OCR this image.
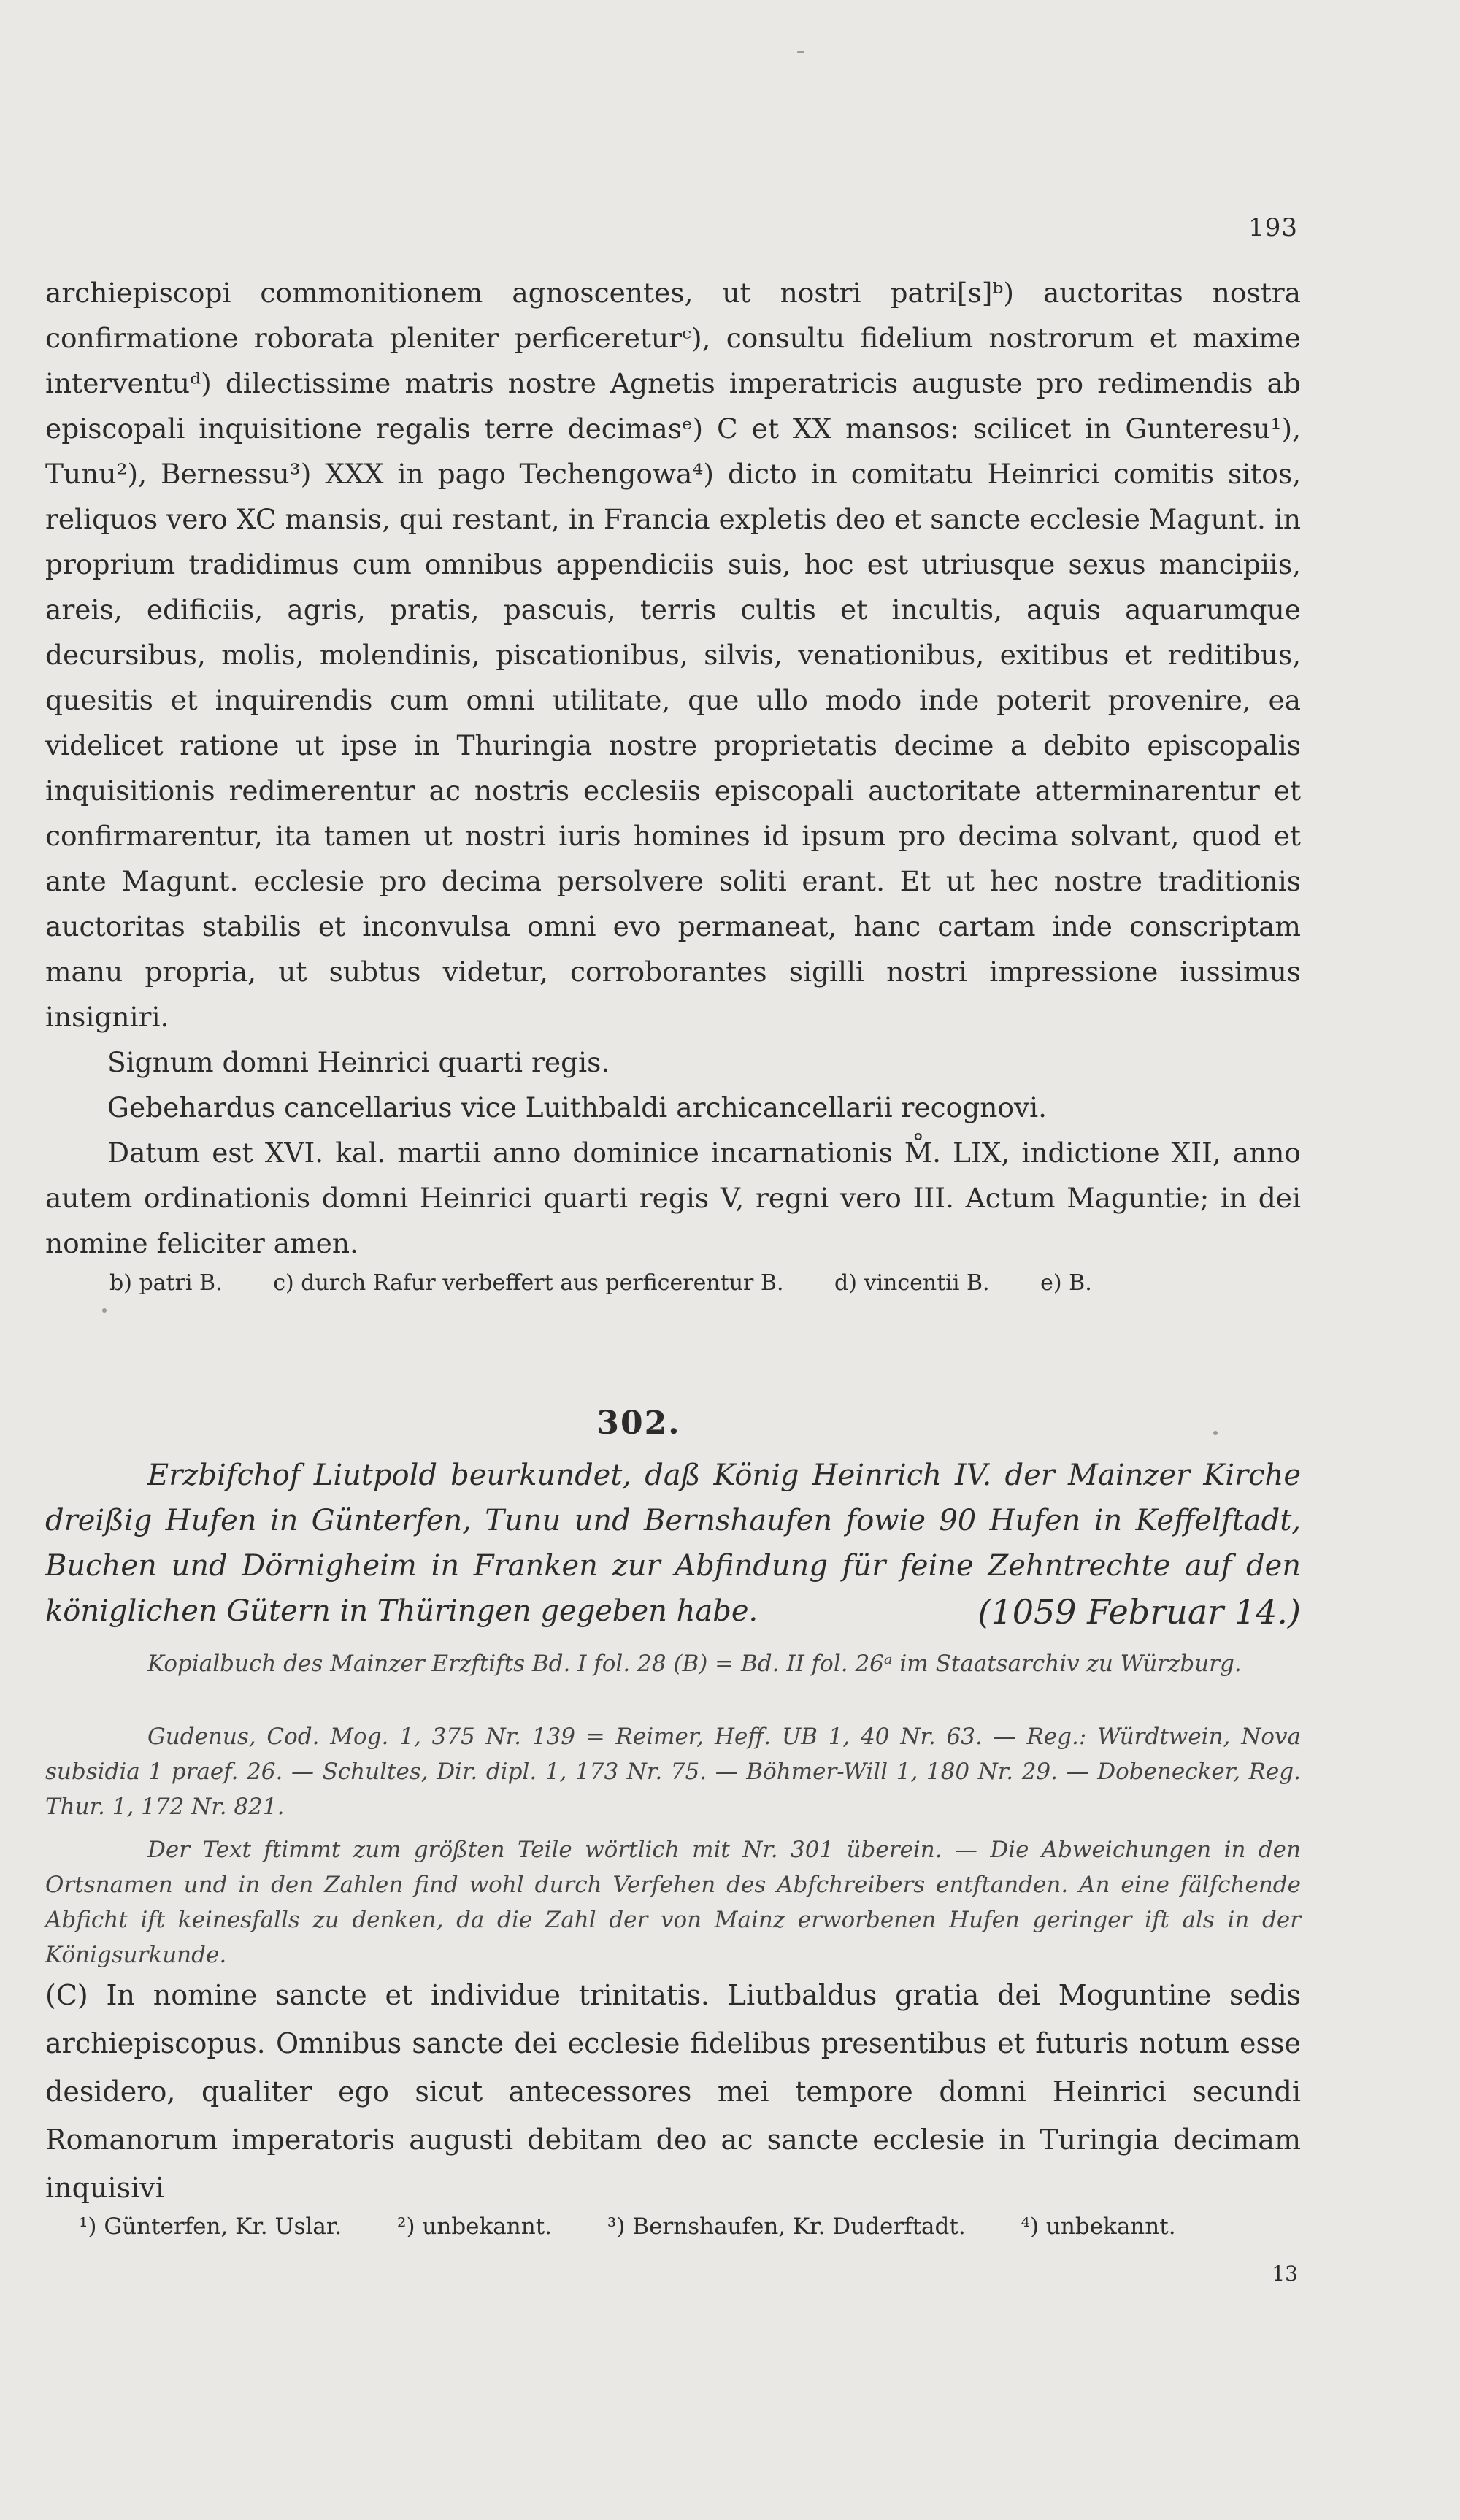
193

archiepiscopi commonitionem agnoscentes, ut nostri patri[s]ᵇ) auctoritas nostra confirmatione roborata pleniter perficereturᶜ), consultu fidelium nostrorum et maxime interventuᵈ) dilectissime matris nostre Agnetis imperatricis auguste pro redimendis ab episcopali inquisitione regalis terre decimasᵉ) C et XX mansos: scilicet in Gunteresu¹), Tunu²), Bernessu³) XXX in pago Techengowa⁴) dicto in comitatu Heinrici comitis sitos, reliquos vero XC mansis, qui restant, in Francia expletis deo et sancte ecclesie Magunt. in proprium tradidimus cum omnibus appendiciis suis, hoc est utriusque sexus mancipiis, areis, edificiis, agris, pratis, pascuis, terris cultis et incultis, aquis aquarumque decursibus, molis, molendinis, piscationibus, silvis, venationibus, exitibus et reditibus, quesitis et inquirendis cum omni utilitate, que ullo modo inde poterit provenire, ea videlicet ratione ut ipse in Thuringia nostre proprietatis decime a debito episcopalis inquisitionis redimerentur ac nostris ecclesiis episcopali auctoritate atterminarentur et confirmarentur, ita tamen ut nostri iuris homines id ipsum pro decima solvant, quod et ante Magunt. ecclesie pro decima persolvere soliti erant. Et ut hec nostre traditionis auctoritas stabilis et inconvulsa omni evo permaneat, hanc cartam inde conscriptam manu propria, ut subtus videtur, corroborantes sigilli nostri impressione iussimus insigniri.

Signum domni Heinrici quarti regis.

Gebehardus cancellarius vice Luithbaldi archicancellarii recognovi.

Datum est XVI. kal. martii anno dominice incarnationis M̊. LIX, indictione XII, anno autem ordinationis domni Heinrici quarti regis V, regni vero III. Actum Maguntie; in dei nomine feliciter amen.

b) patri B. c) durch Rafur verbeffert aus perficerentur B. d) vincentii B. e) B.
302.
Erzbifchof Liutpold beurkundet, daß König Heinrich IV. der Mainzer Kirche dreißig Hufen in Günterfen, Tunu und Bernshaufen fowie 90 Hufen in Keffelftadt, Buchen und Dörnigheim in Franken zur Abfindung für feine Zehntrechte auf den königlichen Gütern in Thüringen gegeben habe.	(1059 Februar 14.)
Kopialbuch des Mainzer Erzftifts Bd. I fol. 28 (B) = Bd. II fol. 26ᵃ im Staatsarchiv zu Würzburg.
Gudenus, Cod. Mog. 1, 375 Nr. 139 = Reimer, Heff. UB 1, 40 Nr. 63. — Reg.: Würdtwein, Nova subsidia 1 praef. 26. — Schultes, Dir. dipl. 1, 173 Nr. 75. — Böhmer-Will 1, 180 Nr. 29. — Dobenecker, Reg. Thur. 1, 172 Nr. 821.
Der Text ftimmt zum größten Teile wörtlich mit Nr. 301 überein. — Die Abweichungen in den Ortsnamen und in den Zahlen find wohl durch Verfehen des Abfchreibers entftanden. An eine fälfchende Abficht ift keinesfalls zu denken, da die Zahl der von Mainz erworbenen Hufen geringer ift als in der Königsurkunde.
(C) In nomine sancte et individue trinitatis. Liutbaldus gratia dei Moguntine sedis archiepiscopus. Omnibus sancte dei ecclesie fidelibus presentibus et futuris notum esse desidero, qualiter ego sicut antecessores mei tempore domni Heinrici secundi Romanorum imperatoris augusti debitam deo ac sancte ecclesie in Turingia decimam inquisivi
¹) Günterfen, Kr. Uslar. ²) unbekannt. ³) Bernshaufen, Kr. Duderftadt. ⁴) unbekannt.
13
